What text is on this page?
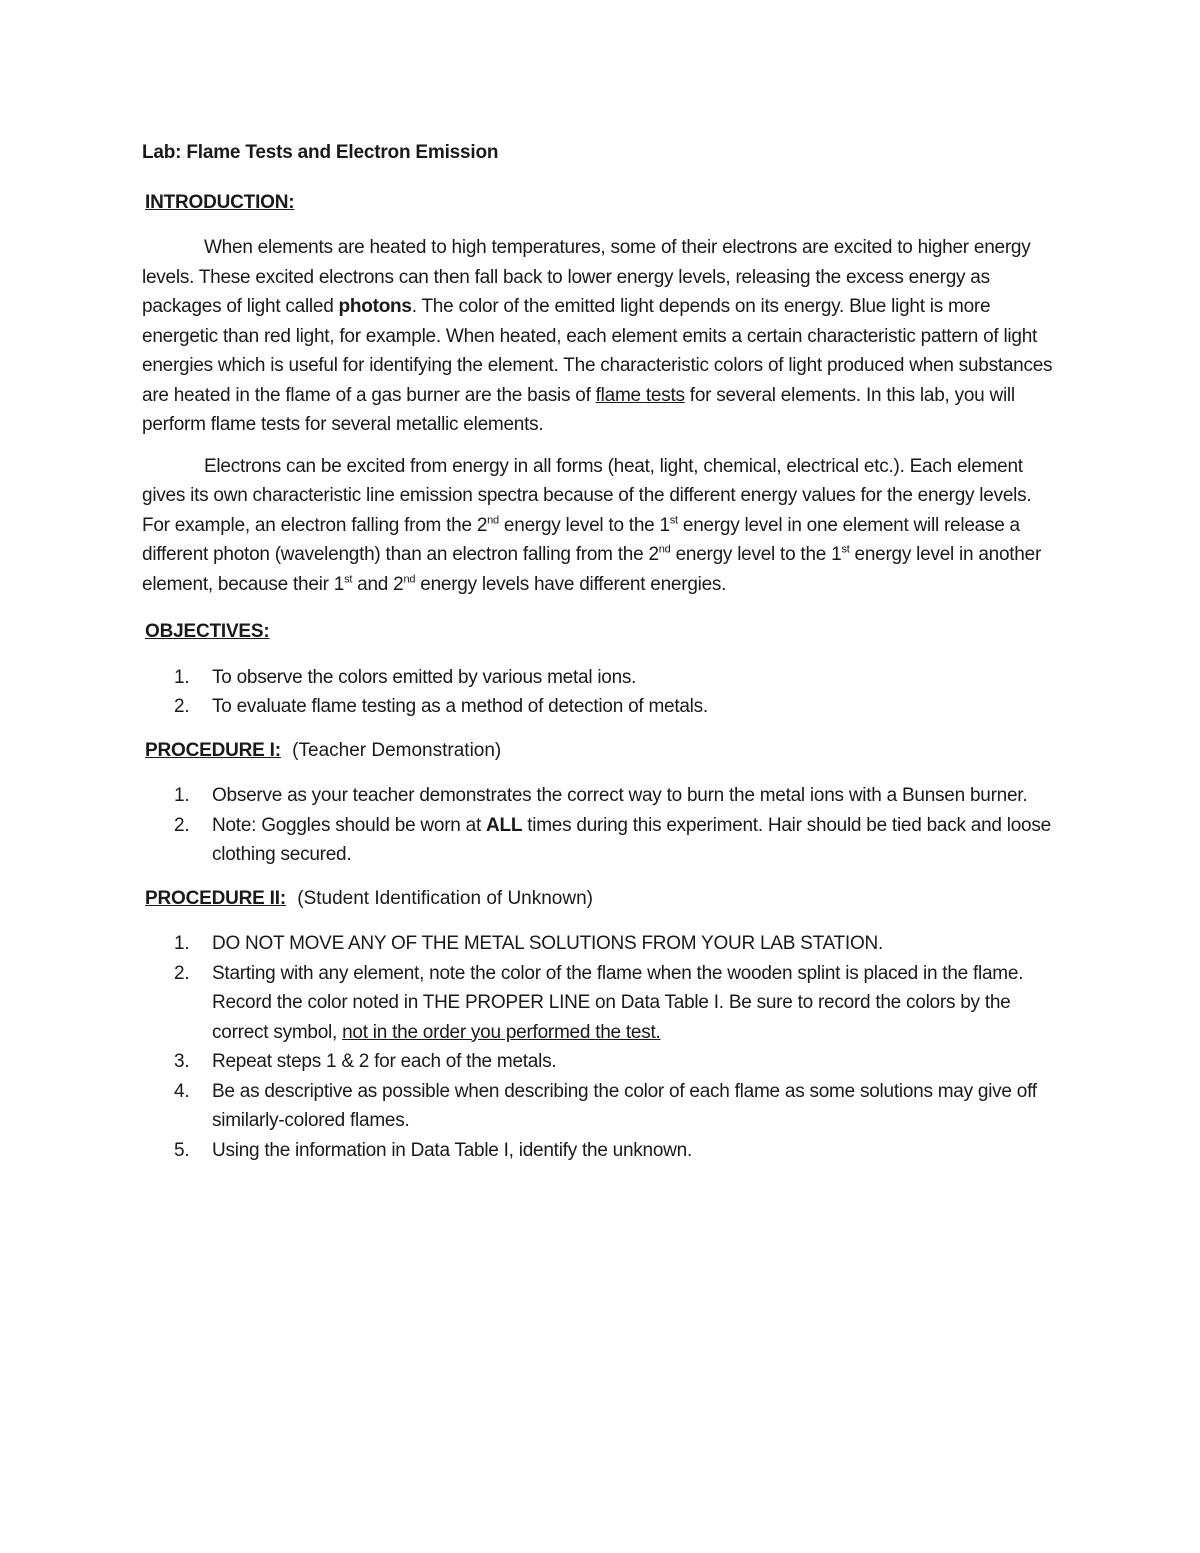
Lab: Flame Tests and Electron Emission
INTRODUCTION:

When elements are heated to high temperatures, some of their electrons are excited to higher energy levels. These excited electrons can then fall back to lower energy levels, releasing the excess energy as packages of light called photons. The color of the emitted light depends on its energy. Blue light is more energetic than red light, for example. When heated, each element emits a certain characteristic pattern of light energies which is useful for identifying the element. The characteristic colors of light produced when substances are heated in the flame of a gas burner are the basis of flame tests for several elements. In this lab, you will perform flame tests for several metallic elements.

Electrons can be excited from energy in all forms (heat, light, chemical, electrical etc.). Each element gives its own characteristic line emission spectra because of the different energy values for the energy levels. For example, an electron falling from the 2nd energy level to the 1st energy level in one element will release a different photon (wavelength) than an electron falling from the 2nd energy level to the 1st energy level in another element, because their 1st and 2nd energy levels have different energies.

OBJECTIVES:
1. To observe the colors emitted by various metal ions.
2. To evaluate flame testing as a method of detection of metals.
PROCEDURE I: (Teacher Demonstration)
1. Observe as your teacher demonstrates the correct way to burn the metal ions with a Bunsen burner.
2. Note: Goggles should be worn at ALL times during this experiment. Hair should be tied back and loose clothing secured.
PROCEDURE II: (Student Identification of Unknown)
1. DO NOT MOVE ANY OF THE METAL SOLUTIONS FROM YOUR LAB STATION.
2. Starting with any element, note the color of the flame when the wooden splint is placed in the flame. Record the color noted in THE PROPER LINE on Data Table I. Be sure to record the colors by the correct symbol, not in the order you performed the test.
3. Repeat steps 1 & 2 for each of the metals.
4. Be as descriptive as possible when describing the color of each flame as some solutions may give off similarly-colored flames.
5. Using the information in Data Table I, identify the unknown.
